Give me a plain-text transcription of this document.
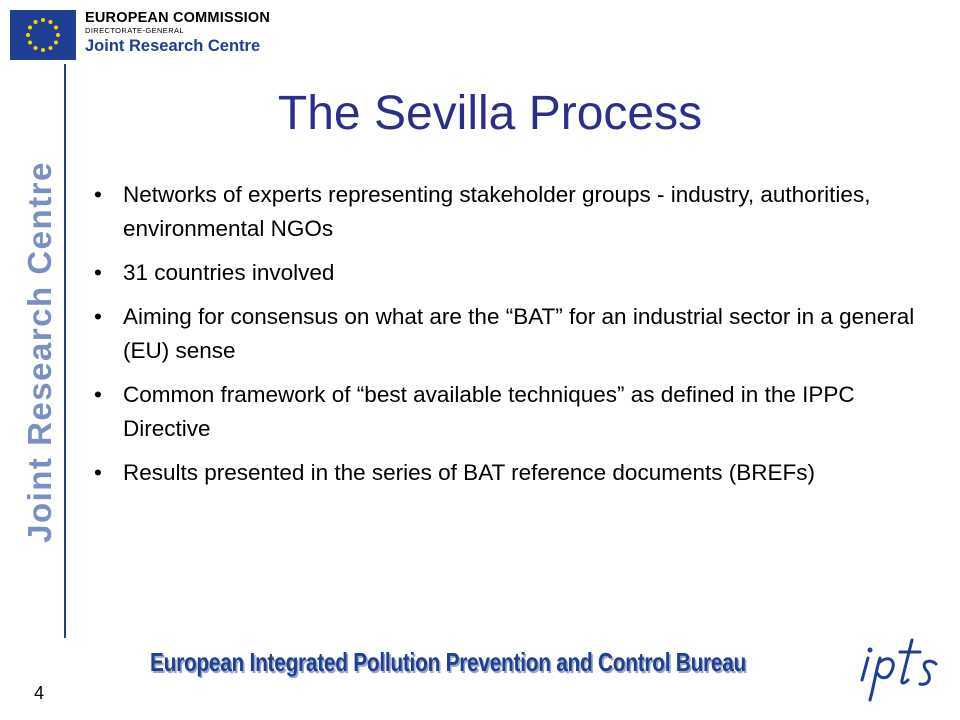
EUROPEAN COMMISSION
DIRECTORATE-GENERAL
Joint Research Centre
Joint Research Centre
The Sevilla Process
• Networks of experts representing stakeholder groups - industry, authorities, environmental NGOs
• 31 countries involved
• Aiming for consensus on what are the “BAT” for an industrial sector in a general (EU) sense
• Common framework of “best available techniques” as defined in the IPPC Directive
• Results presented in the series of BAT reference documents (BREFs)
European Integrated Pollution Prevention and Control Bureau
4
